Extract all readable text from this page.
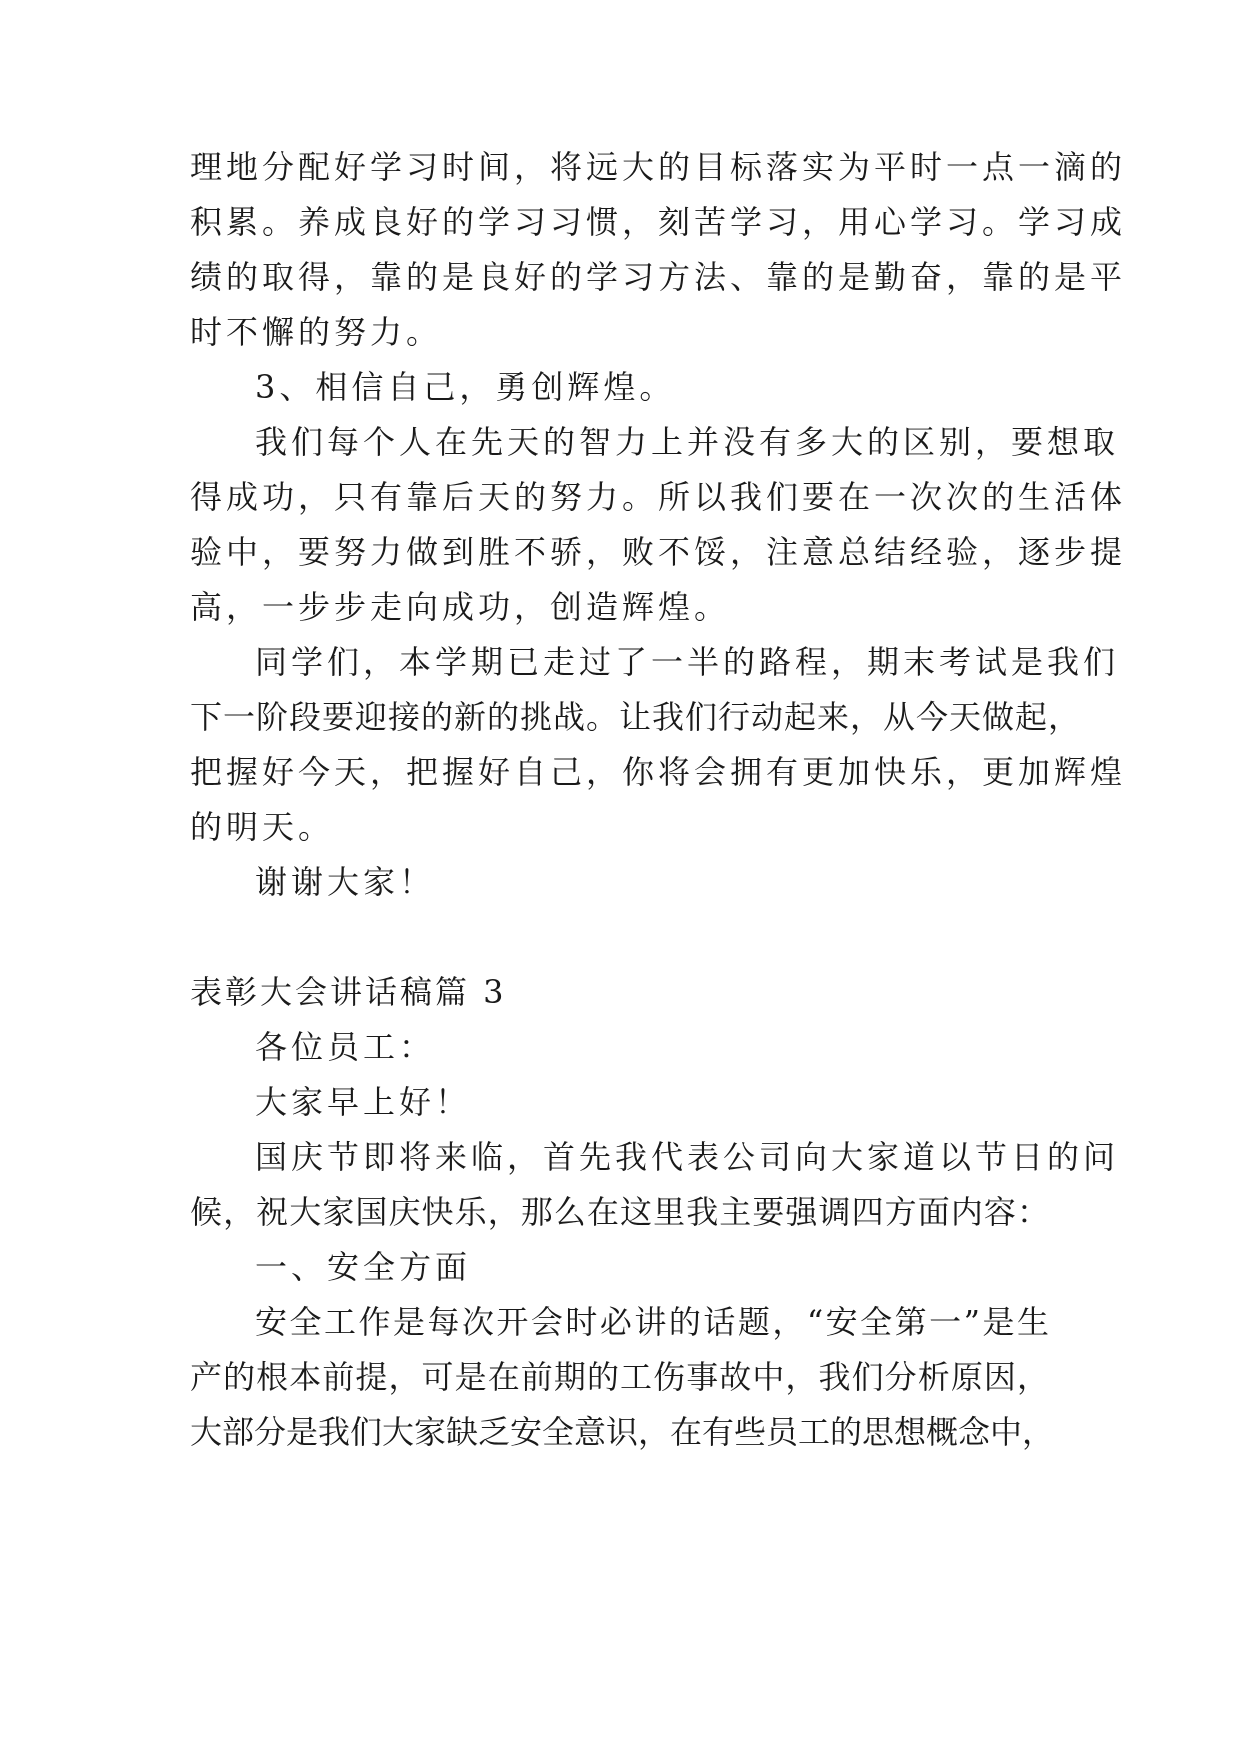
理地分配好学习时间，将远大的目标落实为平时一点一滴的
积累。养成良好的学习习惯，刻苦学习，用心学习。学习成
绩的取得，靠的是良好的学习方法、靠的是勤奋，靠的是平
时不懈的努力。
3、相信自己，勇创辉煌。
我们每个人在先天的智力上并没有多大的区别，要想取
得成功，只有靠后天的努力。所以我们要在一次次的生活体
验中，要努力做到胜不骄，败不馁，注意总结经验，逐步提
高，一步步走向成功，创造辉煌。
同学们，本学期已走过了一半的路程，期末考试是我们
下一阶段要迎接的新的挑战。让我们行动起来，从今天做起，
把握好今天，把握好自己，你将会拥有更加快乐，更加辉煌
的明天。
谢谢大家！
表彰大会讲话稿篇 3
各位员工：
大家早上好！
国庆节即将来临，首先我代表公司向大家道以节日的问
候，祝大家国庆快乐，那么在这里我主要强调四方面内容：
一、安全方面
安全工作是每次开会时必讲的话题，“安全第一”是生
产的根本前提，可是在前期的工伤事故中，我们分析原因，
大部分是我们大家缺乏安全意识，在有些员工的思想概念中，
